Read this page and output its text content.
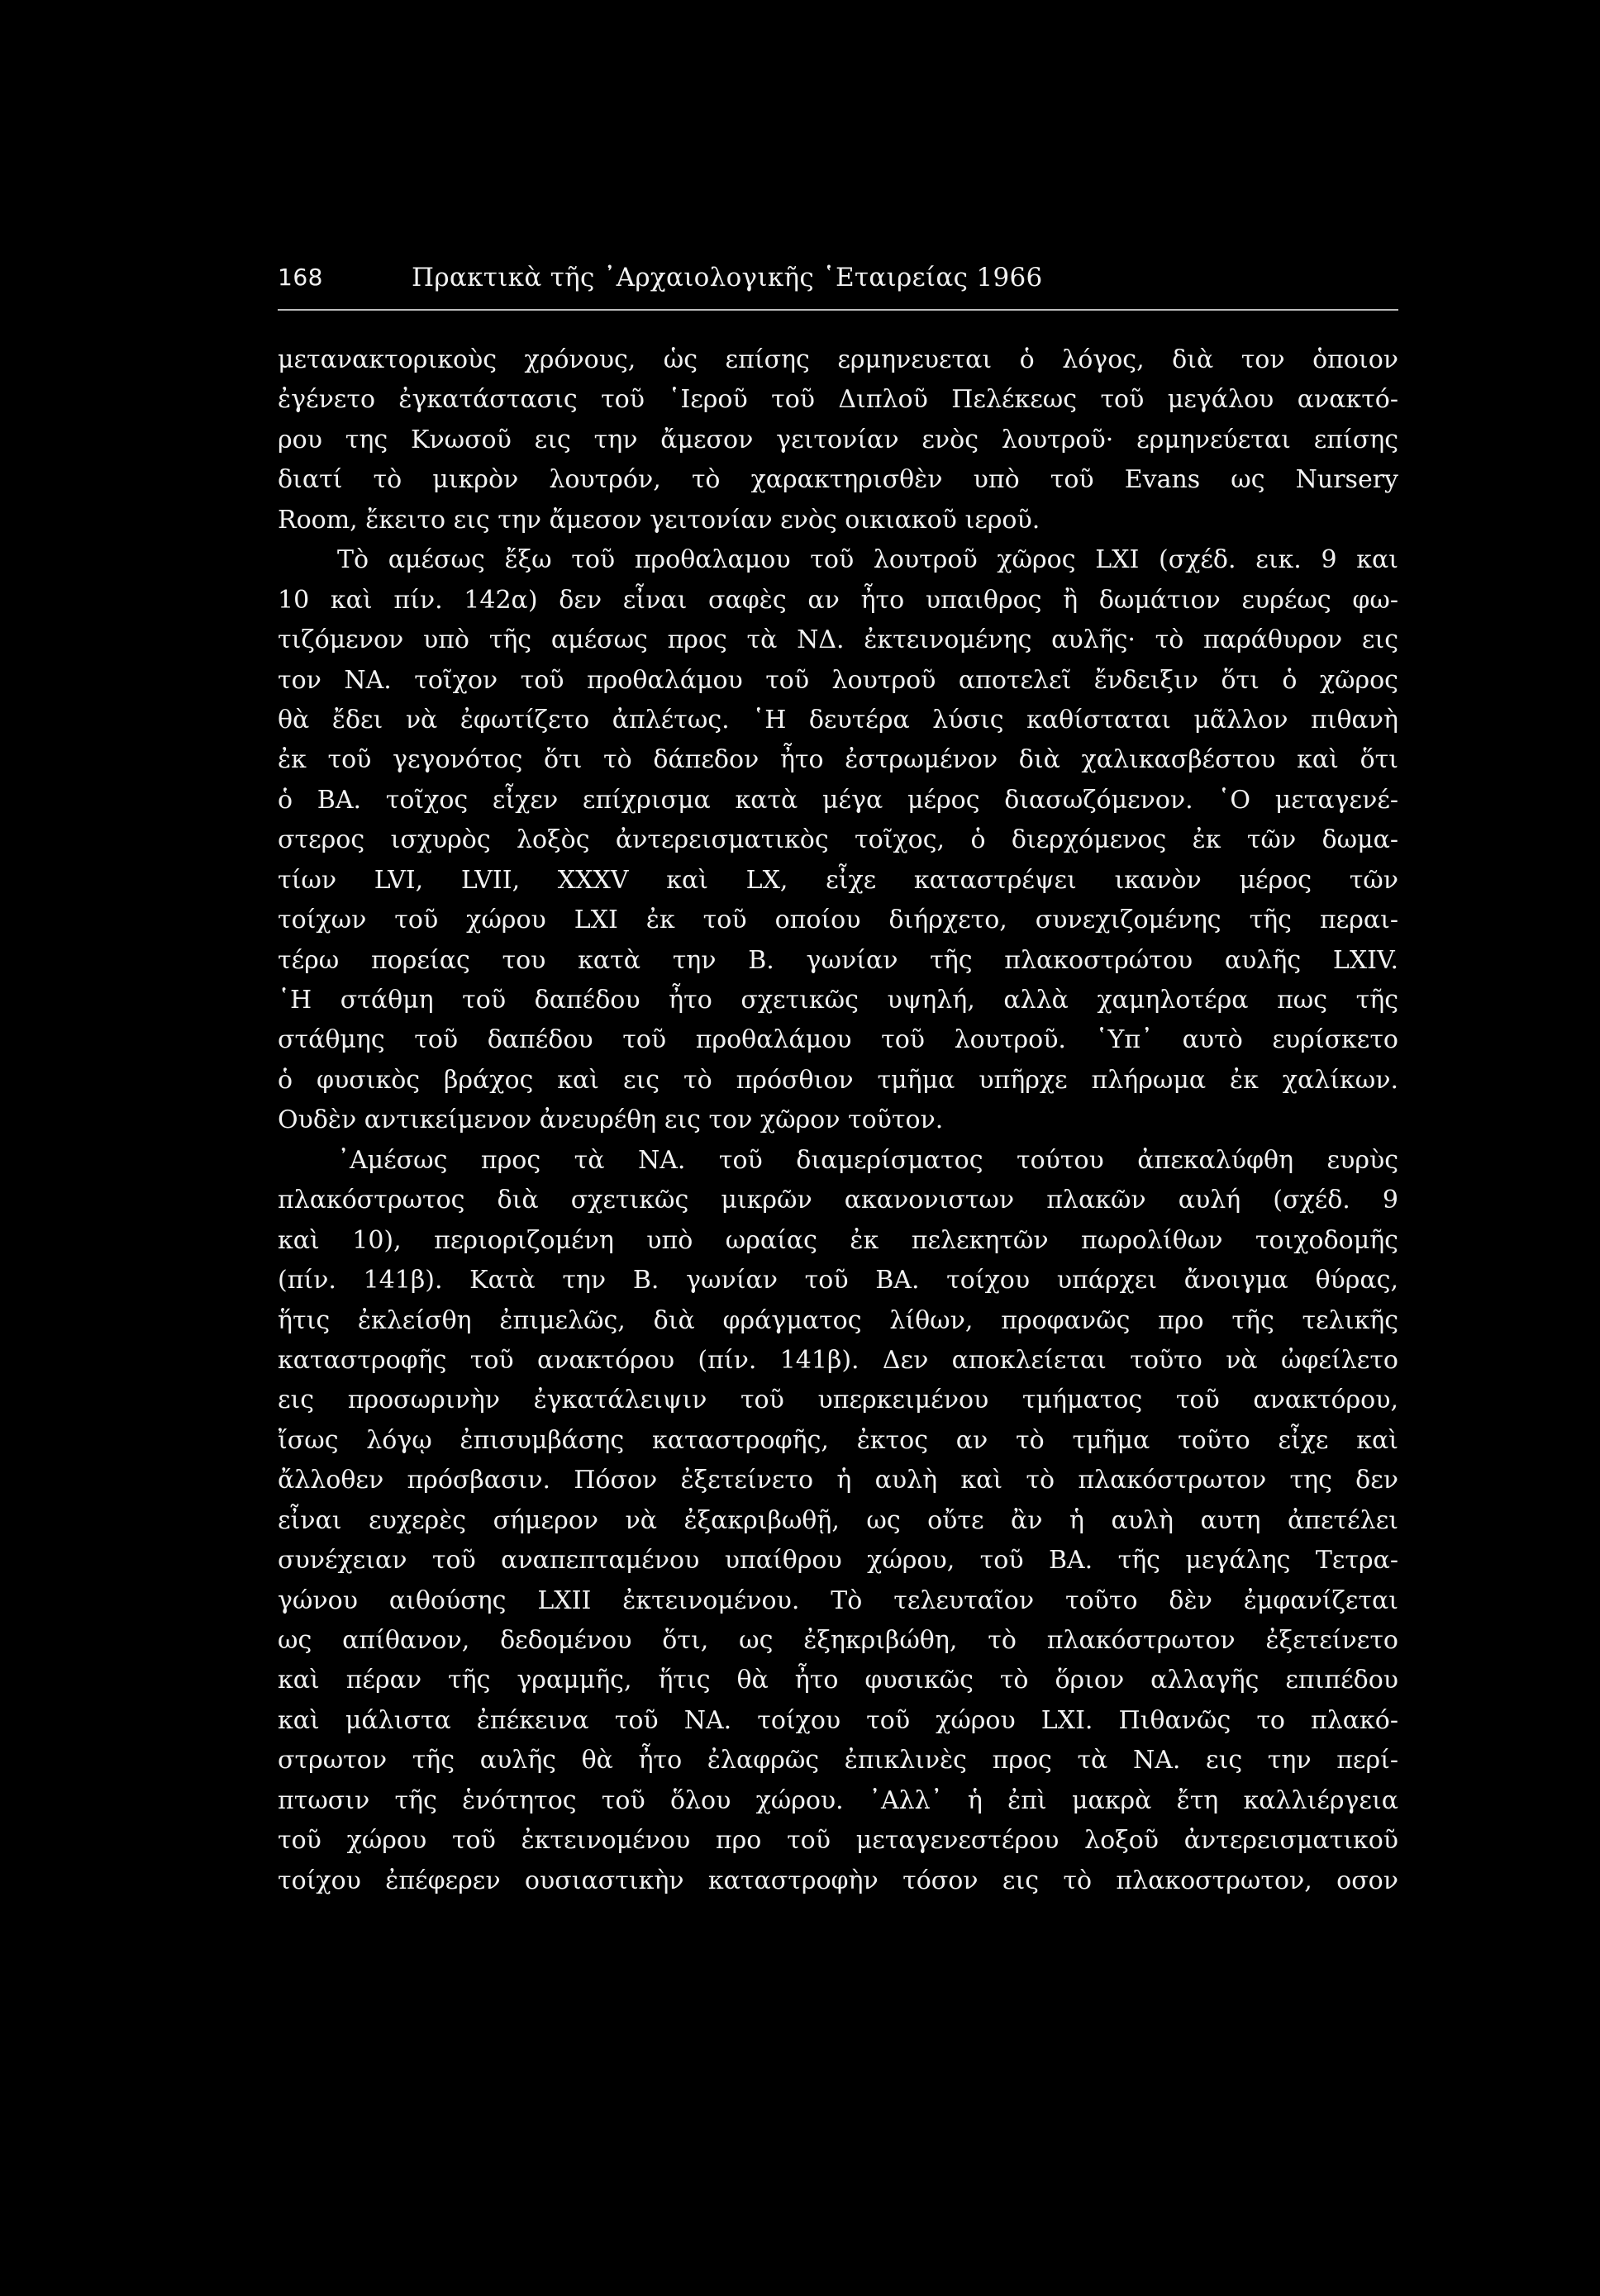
168	Πρακτικὰ τῆς ᾽Αρχαιολογικῆς ῾Εταιρείας 1966
μετανακτορικοὺς χρόνους, ὡς επίσης ερμηνευεται ὁ λόγος, διὰ τον ὁποιον
ἐγένετο ἐγκατάστασις τοῦ ῾Ιεροῦ τοῦ Διπλοῦ Πελέκεως τοῦ μεγάλου ανακτό-
ρου της Κνωσοῦ εις την ἄμεσον γειτονίαν ενὸς λουτροῦ· ερμηνεύεται επίσης
διατί τὸ μικρὸν λουτρόν, τὸ χαρακτηρισθὲν υπὸ τοῦ Evans ως Nursery
Room, ἔκειτο εις την ἄμεσον γειτονίαν ενὸς οικιακοῦ ιεροῦ.
Τὸ αμέσως ἔξω τοῦ προθαλαμου τοῦ λουτροῦ χῶρος LXI (σχέδ. εικ. 9 και
10 καὶ πίν. 142α) δεν εἶναι σαφὲς αν ἦτο υπαιθρος ἢ δωμάτιον ευρέως φω-
τιζόμενον υπὸ τῆς αμέσως προς τὰ ΝΔ. ἐκτεινομένης αυλῆς· τὸ παράθυρον εις
τον ΝΑ. τοῖχον τοῦ προθαλάμου τοῦ λουτροῦ αποτελεῖ ἔνδειξιν ὅτι ὁ χῶρος
θὰ ἔδει νὰ ἐφωτίζετο ἀπλέτως. ῾Η δευτέρα λύσις καθίσταται μᾶλλον πιθανὴ
ἐκ τοῦ γεγονότος ὅτι τὸ δάπεδον ἦτο ἐστρωμένον διὰ χαλικασβέστου καὶ ὅτι
ὁ ΒΑ. τοῖχος εἶχεν επίχρισμα κατὰ μέγα μέρος διασωζόμενον. ῾Ο μεταγενέ-
στερος ισχυρὸς λοξὸς ἀντερεισματικὸς τοῖχος, ὁ διερχόμενος ἐκ τῶν δωμα-
τίων LVI, LVII, XXXV καὶ LX, εἶχε καταστρέψει ικανὸν μέρος τῶν
τοίχων τοῦ χώρου LXI ἐκ τοῦ οποίου διήρχετο, συνεχιζομένης τῆς περαι-
τέρω πορείας του κατὰ την Β. γωνίαν τῆς πλακοστρώτου αυλῆς LXIV.
῾Η στάθμη τοῦ δαπέδου ἦτο σχετικῶς υψηλή, αλλὰ χαμηλοτέρα πως τῆς
στάθμης τοῦ δαπέδου τοῦ προθαλάμου τοῦ λουτροῦ. ῾Υπ᾽ αυτὸ ευρίσκετο
ὁ φυσικὸς βράχος καὶ εις τὸ πρόσθιον τμῆμα υπῆρχε πλήρωμα ἐκ χαλίκων.
Ουδὲν αντικείμενον ἀνευρέθη εις τον χῶρον τοῦτον.
᾽Αμέσως προς τὰ ΝΑ. τοῦ διαμερίσματος τούτου ἀπεκαλύφθη ευρὺς
πλακόστρωτος διὰ σχετικῶς μικρῶν ακανονιστων πλακῶν αυλή (σχέδ. 9
καὶ 10), περιοριζομένη υπὸ ωραίας ἐκ πελεκητῶν πωρολίθων τοιχοδομῆς
(πίν. 141β). Κατὰ την Β. γωνίαν τοῦ ΒΑ. τοίχου υπάρχει ἄνοιγμα θύρας,
ἥτις ἐκλείσθη ἐπιμελῶς, διὰ φράγματος λίθων, προφανῶς προ τῆς τελικῆς
καταστροφῆς τοῦ ανακτόρου (πίν. 141β). Δεν αποκλείεται τοῦτο νὰ ὠφείλετο
εις προσωρινὴν ἐγκατάλειψιν τοῦ υπερκειμένου τμήματος τοῦ ανακτόρου,
ἴσως λόγῳ ἐπισυμβάσης καταστροφῆς, ἐκτος αν τὸ τμῆμα τοῦτο εἶχε καὶ
ἄλλοθεν πρόσβασιν. Πόσον ἐξετείνετο ἡ αυλὴ καὶ τὸ πλακόστρωτον της δεν
εἶναι ευχερὲς σήμερον νὰ ἐξακριβωθῇ, ως οὔτε ἂν ἡ αυλὴ αυτη ἀπετέλει
συνέχειαν τοῦ αναπεπταμένου υπαίθρου χώρου, τοῦ ΒΑ. τῆς μεγάλης Τετρα-
γώνου αιθούσης LXII ἐκτεινομένου. Τὸ τελευταῖον τοῦτο δὲν ἐμφανίζεται
ως απίθανον, δεδομένου ὅτι, ως ἐξηκριβώθη, τὸ πλακόστρωτον ἐξετείνετο
καὶ πέραν τῆς γραμμῆς, ἥτις θὰ ἦτο φυσικῶς τὸ ὅριον αλλαγῆς επιπέδου
καὶ μάλιστα ἐπέκεινα τοῦ ΝΑ. τοίχου τοῦ χώρου LXI. Πιθανῶς το πλακό-
στρωτον τῆς αυλῆς θὰ ἦτο ἐλαφρῶς ἐπικλινὲς προς τὰ ΝΑ. εις την περί-
πτωσιν τῆς ἑνότητος τοῦ ὅλου χώρου. ᾽Αλλ᾽ ἡ ἐπὶ μακρὰ ἔτη καλλιέργεια
τοῦ χώρου τοῦ ἐκτεινομένου προ τοῦ μεταγενεστέρου λοξοῦ ἀντερεισματικοῦ
τοίχου ἐπέφερεν ουσιαστικὴν καταστροφὴν τόσον εις τὸ πλακοστρωτον, οσον
